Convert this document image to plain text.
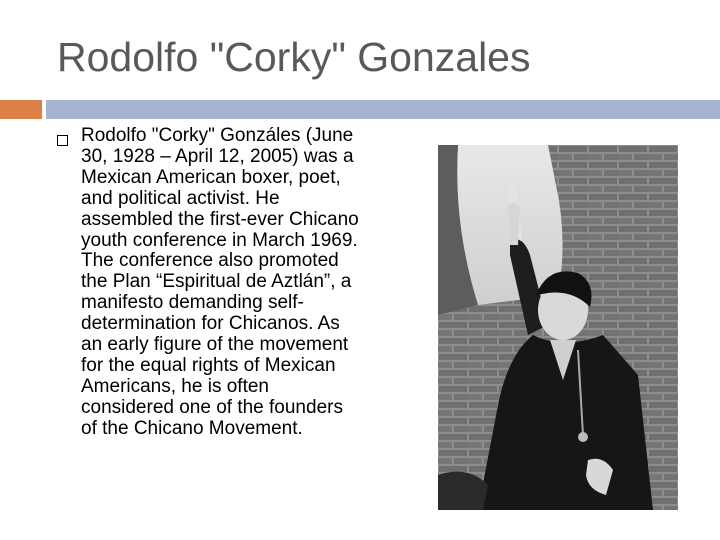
Rodolfo "Corky" Gonzales
Rodolfo "Corky" Gonzáles (June 30, 1928 – April 12, 2005) was a Mexican American boxer, poet, and political activist. He assembled the first-ever Chicano youth conference in March 1969. The conference also promoted the Plan “Espiritual de Aztlán”, a manifesto demanding self-determination for Chicanos. As an early figure of the movement for the equal rights of Mexican Americans, he is often considered one of the founders of the Chicano Movement.
